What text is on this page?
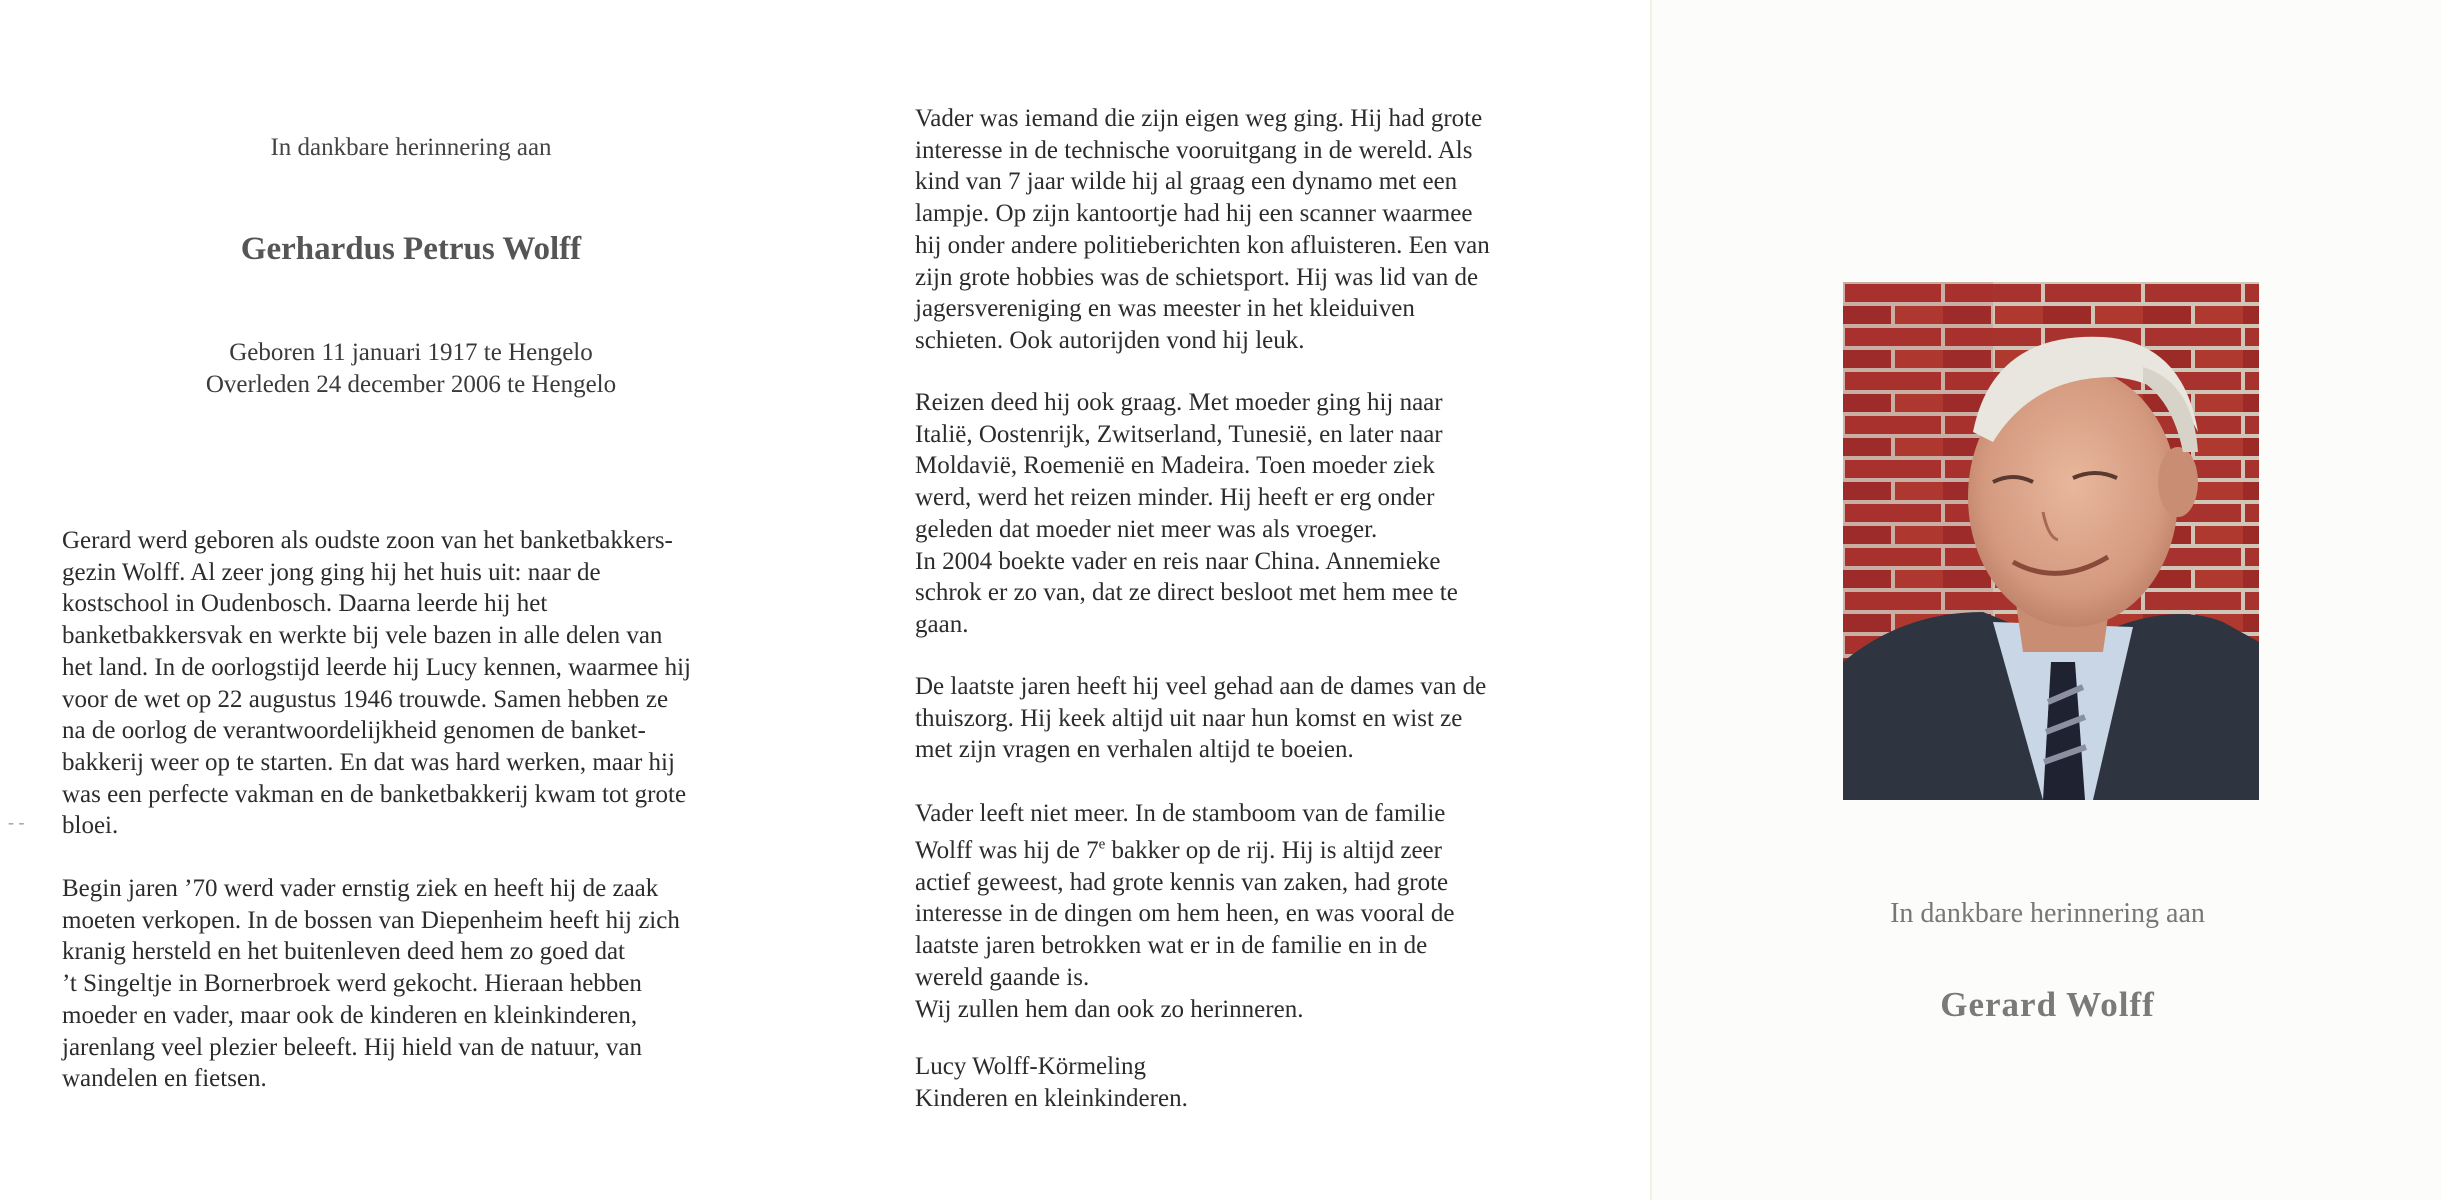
In dankbare herinnering aan
Gerhardus Petrus Wolff
Geboren 11 januari 1917 te Hengelo
Overleden 24 december 2006 te Hengelo

Gerard werd geboren als oudste zoon van het banketbakkers-
gezin Wolff. Al zeer jong ging hij het huis uit: naar de
kostschool in Oudenbosch. Daarna leerde hij het
banketbakkersvak en werkte bij vele bazen in alle delen van
het land. In de oorlogstijd leerde hij Lucy kennen, waarmee hij
voor de wet op 22 augustus 1946 trouwde. Samen hebben ze
na de oorlog de verantwoordelijkheid genomen de banket-
bakkerij weer op te starten. En dat was hard werken, maar hij
was een perfecte vakman en de banketbakkerij kwam tot grote
bloei.

Begin jaren ’70 werd vader ernstig ziek en heeft hij de zaak
moeten verkopen. In de bossen van Diepenheim heeft hij zich
kranig hersteld en het buitenleven deed hem zo goed dat
’t Singeltje in Bornerbroek werd gekocht. Hieraan hebben
moeder en vader, maar ook de kinderen en kleinkinderen,
jarenlang veel plezier beleeft. Hij hield van de natuur, van
wandelen en fietsen.

‐ ‐

Vader was iemand die zijn eigen weg ging. Hij had grote
interesse in de technische vooruitgang in de wereld. Als
kind van 7 jaar wilde hij al graag een dynamo met een
lampje. Op zijn kantoortje had hij een scanner waarmee
hij onder andere politieberichten kon afluisteren. Een van
zijn grote hobbies was de schietsport. Hij was lid van de
jagersvereniging en was meester in het kleiduiven
schieten. Ook autorijden vond hij leuk.

Reizen deed hij ook graag. Met moeder ging hij naar
Italië, Oostenrijk, Zwitserland, Tunesië, en later naar
Moldavië, Roemenië en Madeira. Toen moeder ziek
werd, werd het reizen minder. Hij heeft er erg onder
geleden dat moeder niet meer was als vroeger.
In 2004 boekte vader en reis naar China. Annemieke
schrok er zo van, dat ze direct besloot met hem mee te
gaan.

De laatste jaren heeft hij veel gehad aan de dames van de
thuiszorg. Hij keek altijd uit naar hun komst en wist ze
met zijn vragen en verhalen altijd te boeien.

Vader leeft niet meer. In de stamboom van de familie
Wolff was hij de 7e bakker op de rij. Hij is altijd zeer
actief geweest, had grote kennis van zaken, had grote
interesse in de dingen om hem heen, en was vooral de
laatste jaren betrokken wat er in de familie en in de
wereld gaande is.
Wij zullen hem dan ook zo herinneren.

Lucy Wolff-Körmeling
Kinderen en kleinkinderen.

In dankbare herinnering aan
Gerard Wolff
